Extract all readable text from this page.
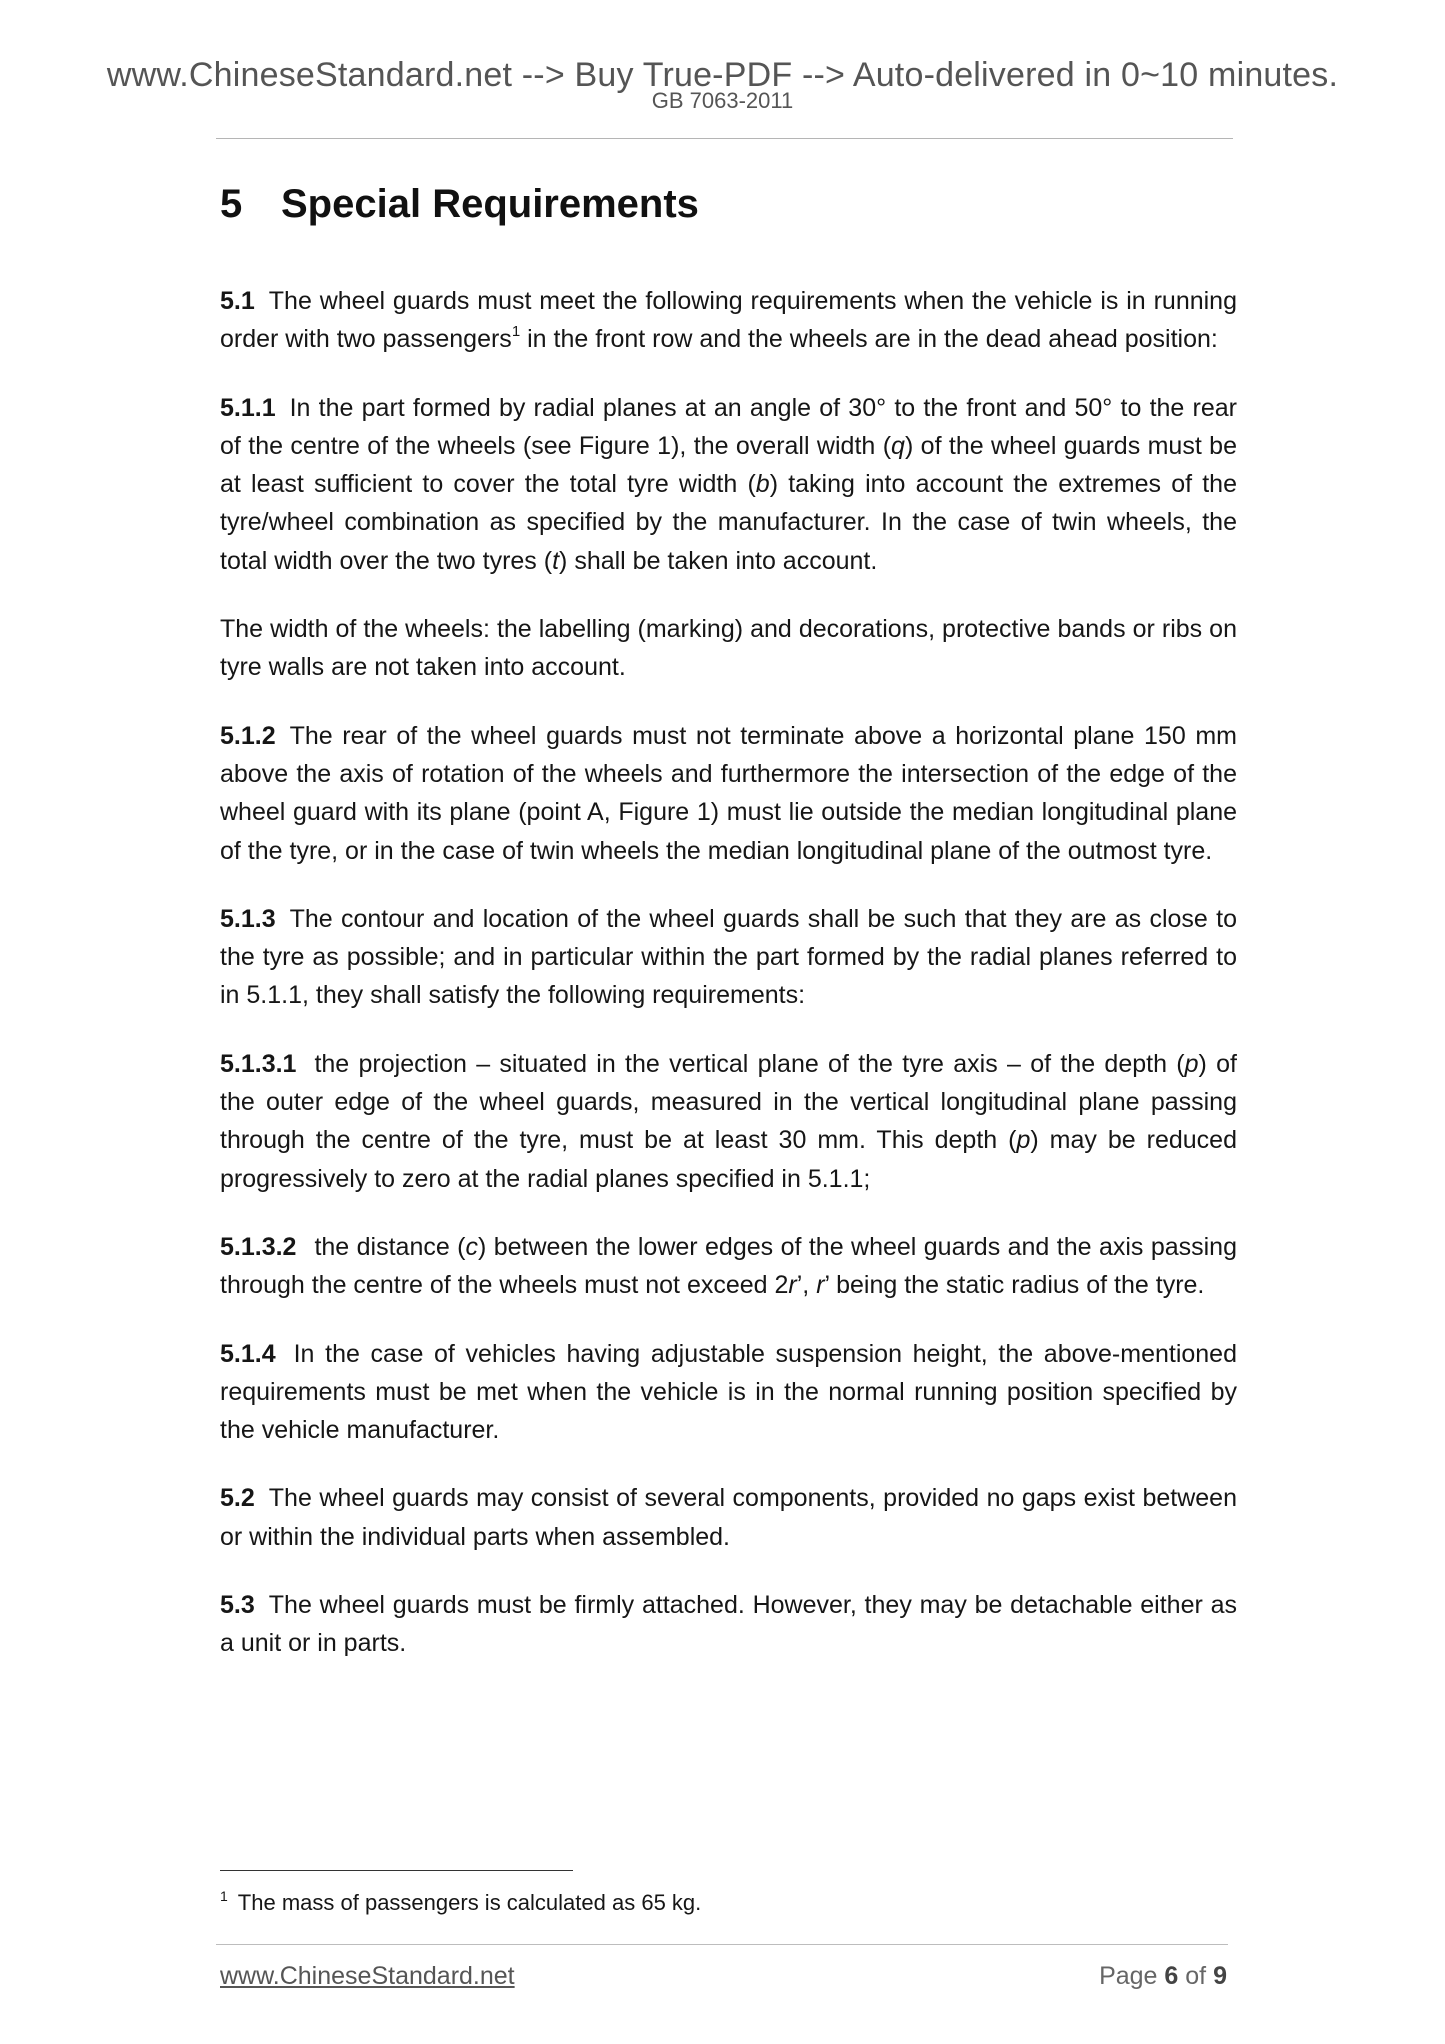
www.ChineseStandard.net --> Buy True-PDF --> Auto-delivered in 0~10 minutes.
GB 7063-2011
5 Special Requirements

5.1 The wheel guards must meet the following requirements when the vehicle is in running order with two passengers$^1$ in the front row and the wheels are in the dead ahead position:

5.1.1 In the part formed by radial planes at an angle of 30° to the front and 50° to the rear of the centre of the wheels (see Figure 1), the overall width (q) of the wheel guards must be at least sufficient to cover the total tyre width (b) taking into account the extremes of the tyre/wheel combination as specified by the manufacturer. In the case of twin wheels, the total width over the two tyres (t) shall be taken into account.

The width of the wheels: the labelling (marking) and decorations, protective bands or ribs on tyre walls are not taken into account.

5.1.2 The rear of the wheel guards must not terminate above a horizontal plane 150 mm above the axis of rotation of the wheels and furthermore the intersection of the edge of the wheel guard with its plane (point A, Figure 1) must lie outside the median longitudinal plane of the tyre, or in the case of twin wheels the median longitudinal plane of the outmost tyre.

5.1.3 The contour and location of the wheel guards shall be such that they are as close to the tyre as possible; and in particular within the part formed by the radial planes referred to in 5.1.1, they shall satisfy the following requirements:

5.1.3.1 the projection – situated in the vertical plane of the tyre axis – of the depth (p) of the outer edge of the wheel guards, measured in the vertical longitudinal plane passing through the centre of the tyre, must be at least 30 mm. This depth (p) may be reduced progressively to zero at the radial planes specified in 5.1.1;

5.1.3.2 the distance (c) between the lower edges of the wheel guards and the axis passing through the centre of the wheels must not exceed 2r’, r’ being the static radius of the tyre.

5.1.4 In the case of vehicles having adjustable suspension height, the above-mentioned requirements must be met when the vehicle is in the normal running position specified by the vehicle manufacturer.

5.2 The wheel guards may consist of several components, provided no gaps exist between or within the individual parts when assembled.

5.3 The wheel guards must be firmly attached. However, they may be detachable either as a unit or in parts.

$^1$ The mass of passengers is calculated as 65 kg.
www.ChineseStandard.net	Page 6 of 9
